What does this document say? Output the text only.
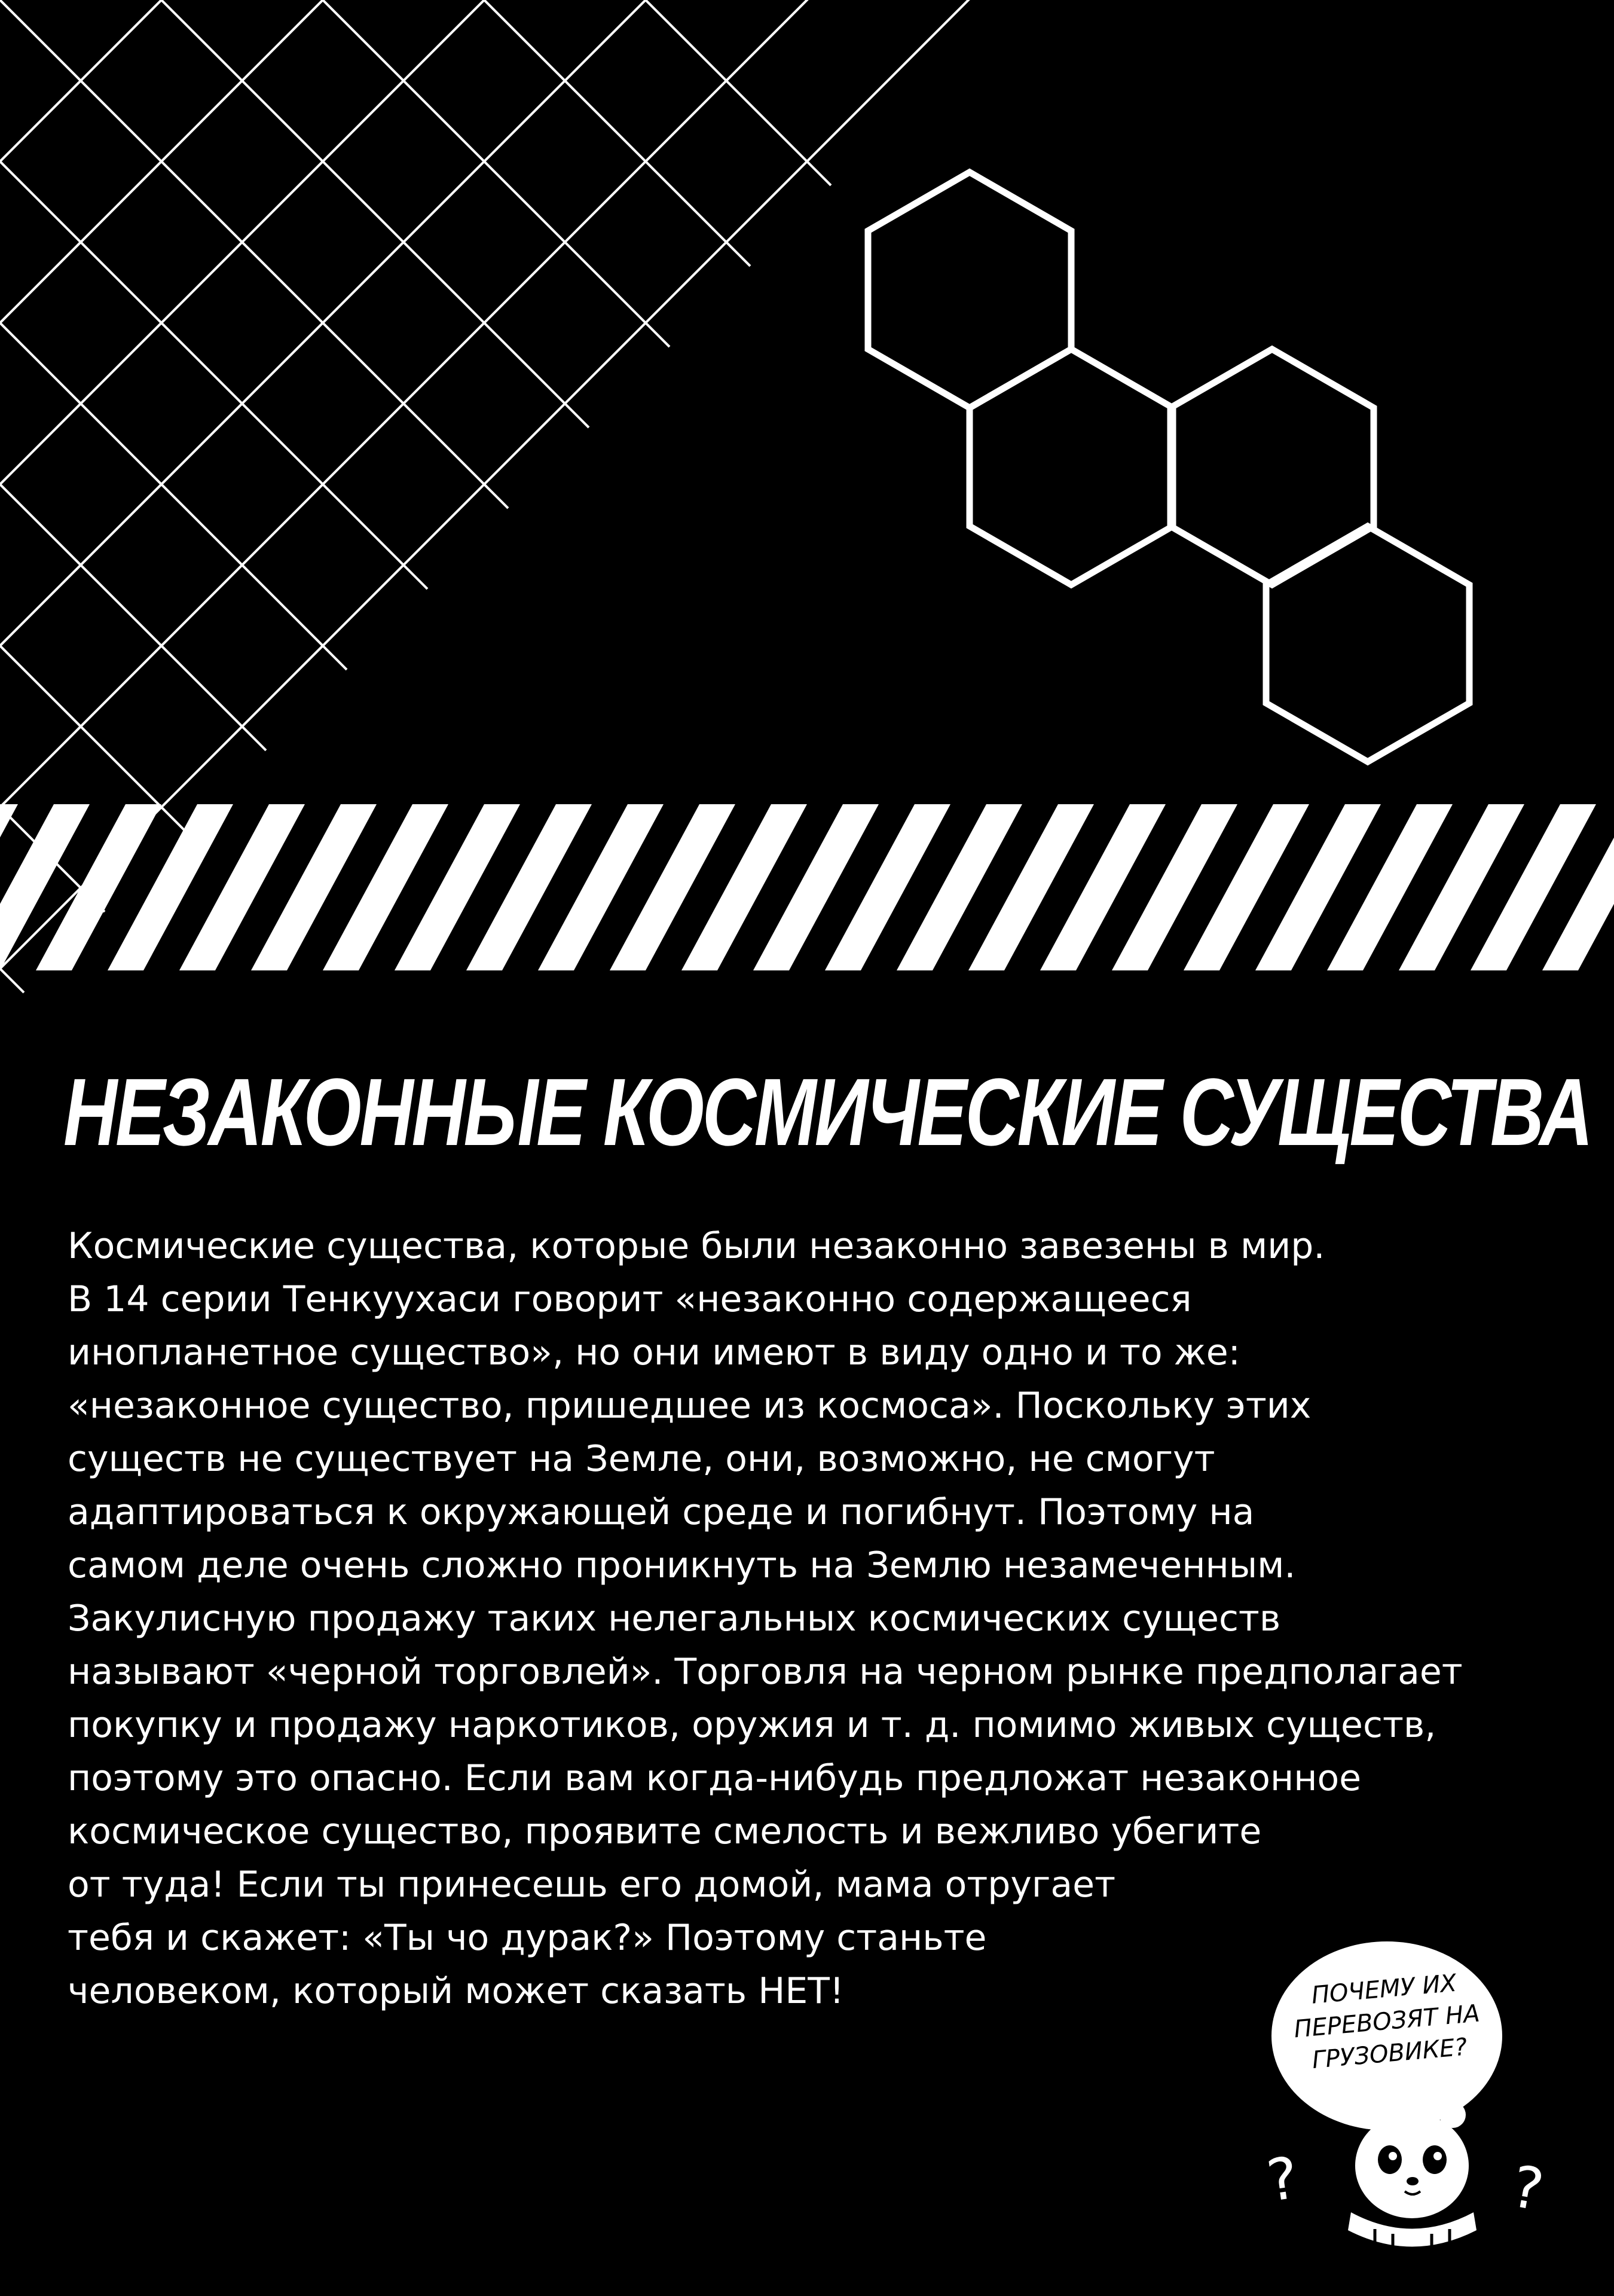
НЕЗАКОННЫЕ КОСМИЧЕСКИЕ СУЩЕСТВА
Космические существа, которые были незаконно завезены в мир.
В 14 серии Тенкуухаси говорит «незаконно содержащееся
инопланетное существо», но они имеют в виду одно и то же:
«незаконное существо, пришедшее из космоса». Поскольку этих
существ не существует на Земле, они, возможно, не смогут
адаптироваться к окружающей среде и погибнут. Поэтому на
самом деле очень сложно проникнуть на Землю незамеченным.
Закулисную продажу таких нелегальных космических существ
называют «черной торговлей». Торговля на черном рынке предполагает
покупку и продажу наркотиков, оружия и т. д. помимо живых существ,
поэтому это опасно. Если вам когда-нибудь предложат незаконное
космическое существо, проявите смелость и вежливо убегите
от туда! Если ты принесешь его домой, мама отругает
тебя и скажет: «Ты чо дурак?» Поэтому станьте
человеком, который может сказать НЕТ!	ПОЧЕМУ ИХ
ПЕРЕВОЗЯТ НА
ГРУЗОВИКЕ?
?	?
